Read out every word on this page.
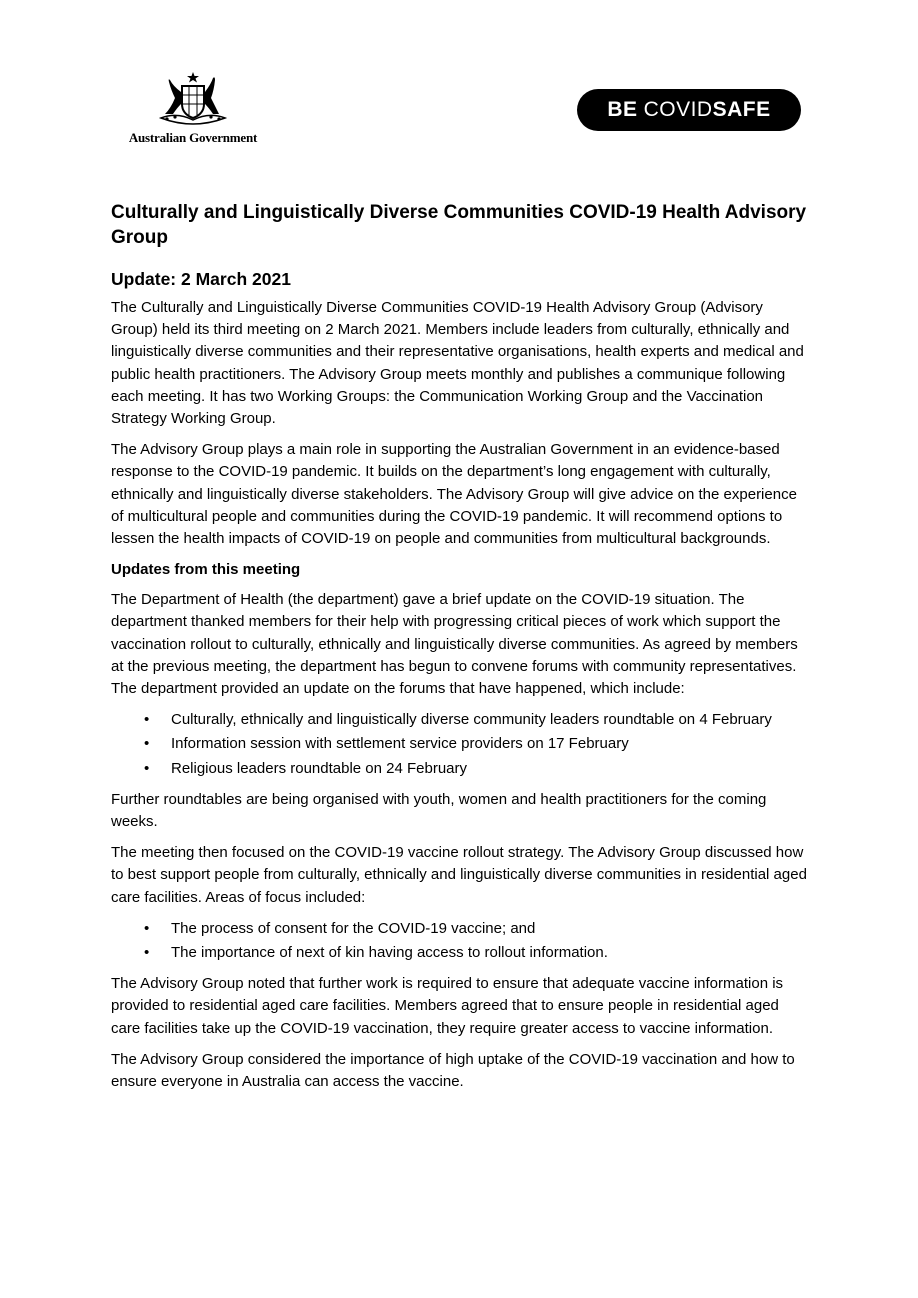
Australian Government
BE COVID SAFE
Culturally and Linguistically Diverse Communities COVID-19 Health Advisory Group
Update: 2 March 2021

The Culturally and Linguistically Diverse Communities COVID-19 Health Advisory Group (Advisory Group) held its third meeting on 2 March 2021. Members include leaders from culturally, ethnically and linguistically diverse communities and their representative organisations, health experts and medical and public health practitioners. The Advisory Group meets monthly and publishes a communique following each meeting. It has two Working Groups: the Communication Working Group and the Vaccination Strategy Working Group.

The Advisory Group plays a main role in supporting the Australian Government in an evidence-based response to the COVID-19 pandemic. It builds on the department’s long engagement with culturally, ethnically and linguistically diverse stakeholders. The Advisory Group will give advice on the experience of multicultural people and communities during the COVID-19 pandemic. It will recommend options to lessen the health impacts of COVID-19 on people and communities from multicultural backgrounds.

Updates from this meeting

The Department of Health (the department) gave a brief update on the COVID-19 situation. The department thanked members for their help with progressing critical pieces of work which support the vaccination rollout to culturally, ethnically and linguistically diverse communities. As agreed by members at the previous meeting, the department has begun to convene forums with community representatives. The department provided an update on the forums that have happened, which include:

• Culturally, ethnically and linguistically diverse community leaders roundtable on 4 February
• Information session with settlement service providers on 17 February
• Religious leaders roundtable on 24 February

Further roundtables are being organised with youth, women and health practitioners for the coming weeks.

The meeting then focused on the COVID-19 vaccine rollout strategy. The Advisory Group discussed how to best support people from culturally, ethnically and linguistically diverse communities in residential aged care facilities. Areas of focus included:

• The process of consent for the COVID-19 vaccine; and
• The importance of next of kin having access to rollout information.

The Advisory Group noted that further work is required to ensure that adequate vaccine information is provided to residential aged care facilities. Members agreed that to ensure people in residential aged care facilities take up the COVID-19 vaccination, they require greater access to vaccine information.

The Advisory Group considered the importance of high uptake of the COVID-19 vaccination and how to ensure everyone in Australia can access the vaccine.
